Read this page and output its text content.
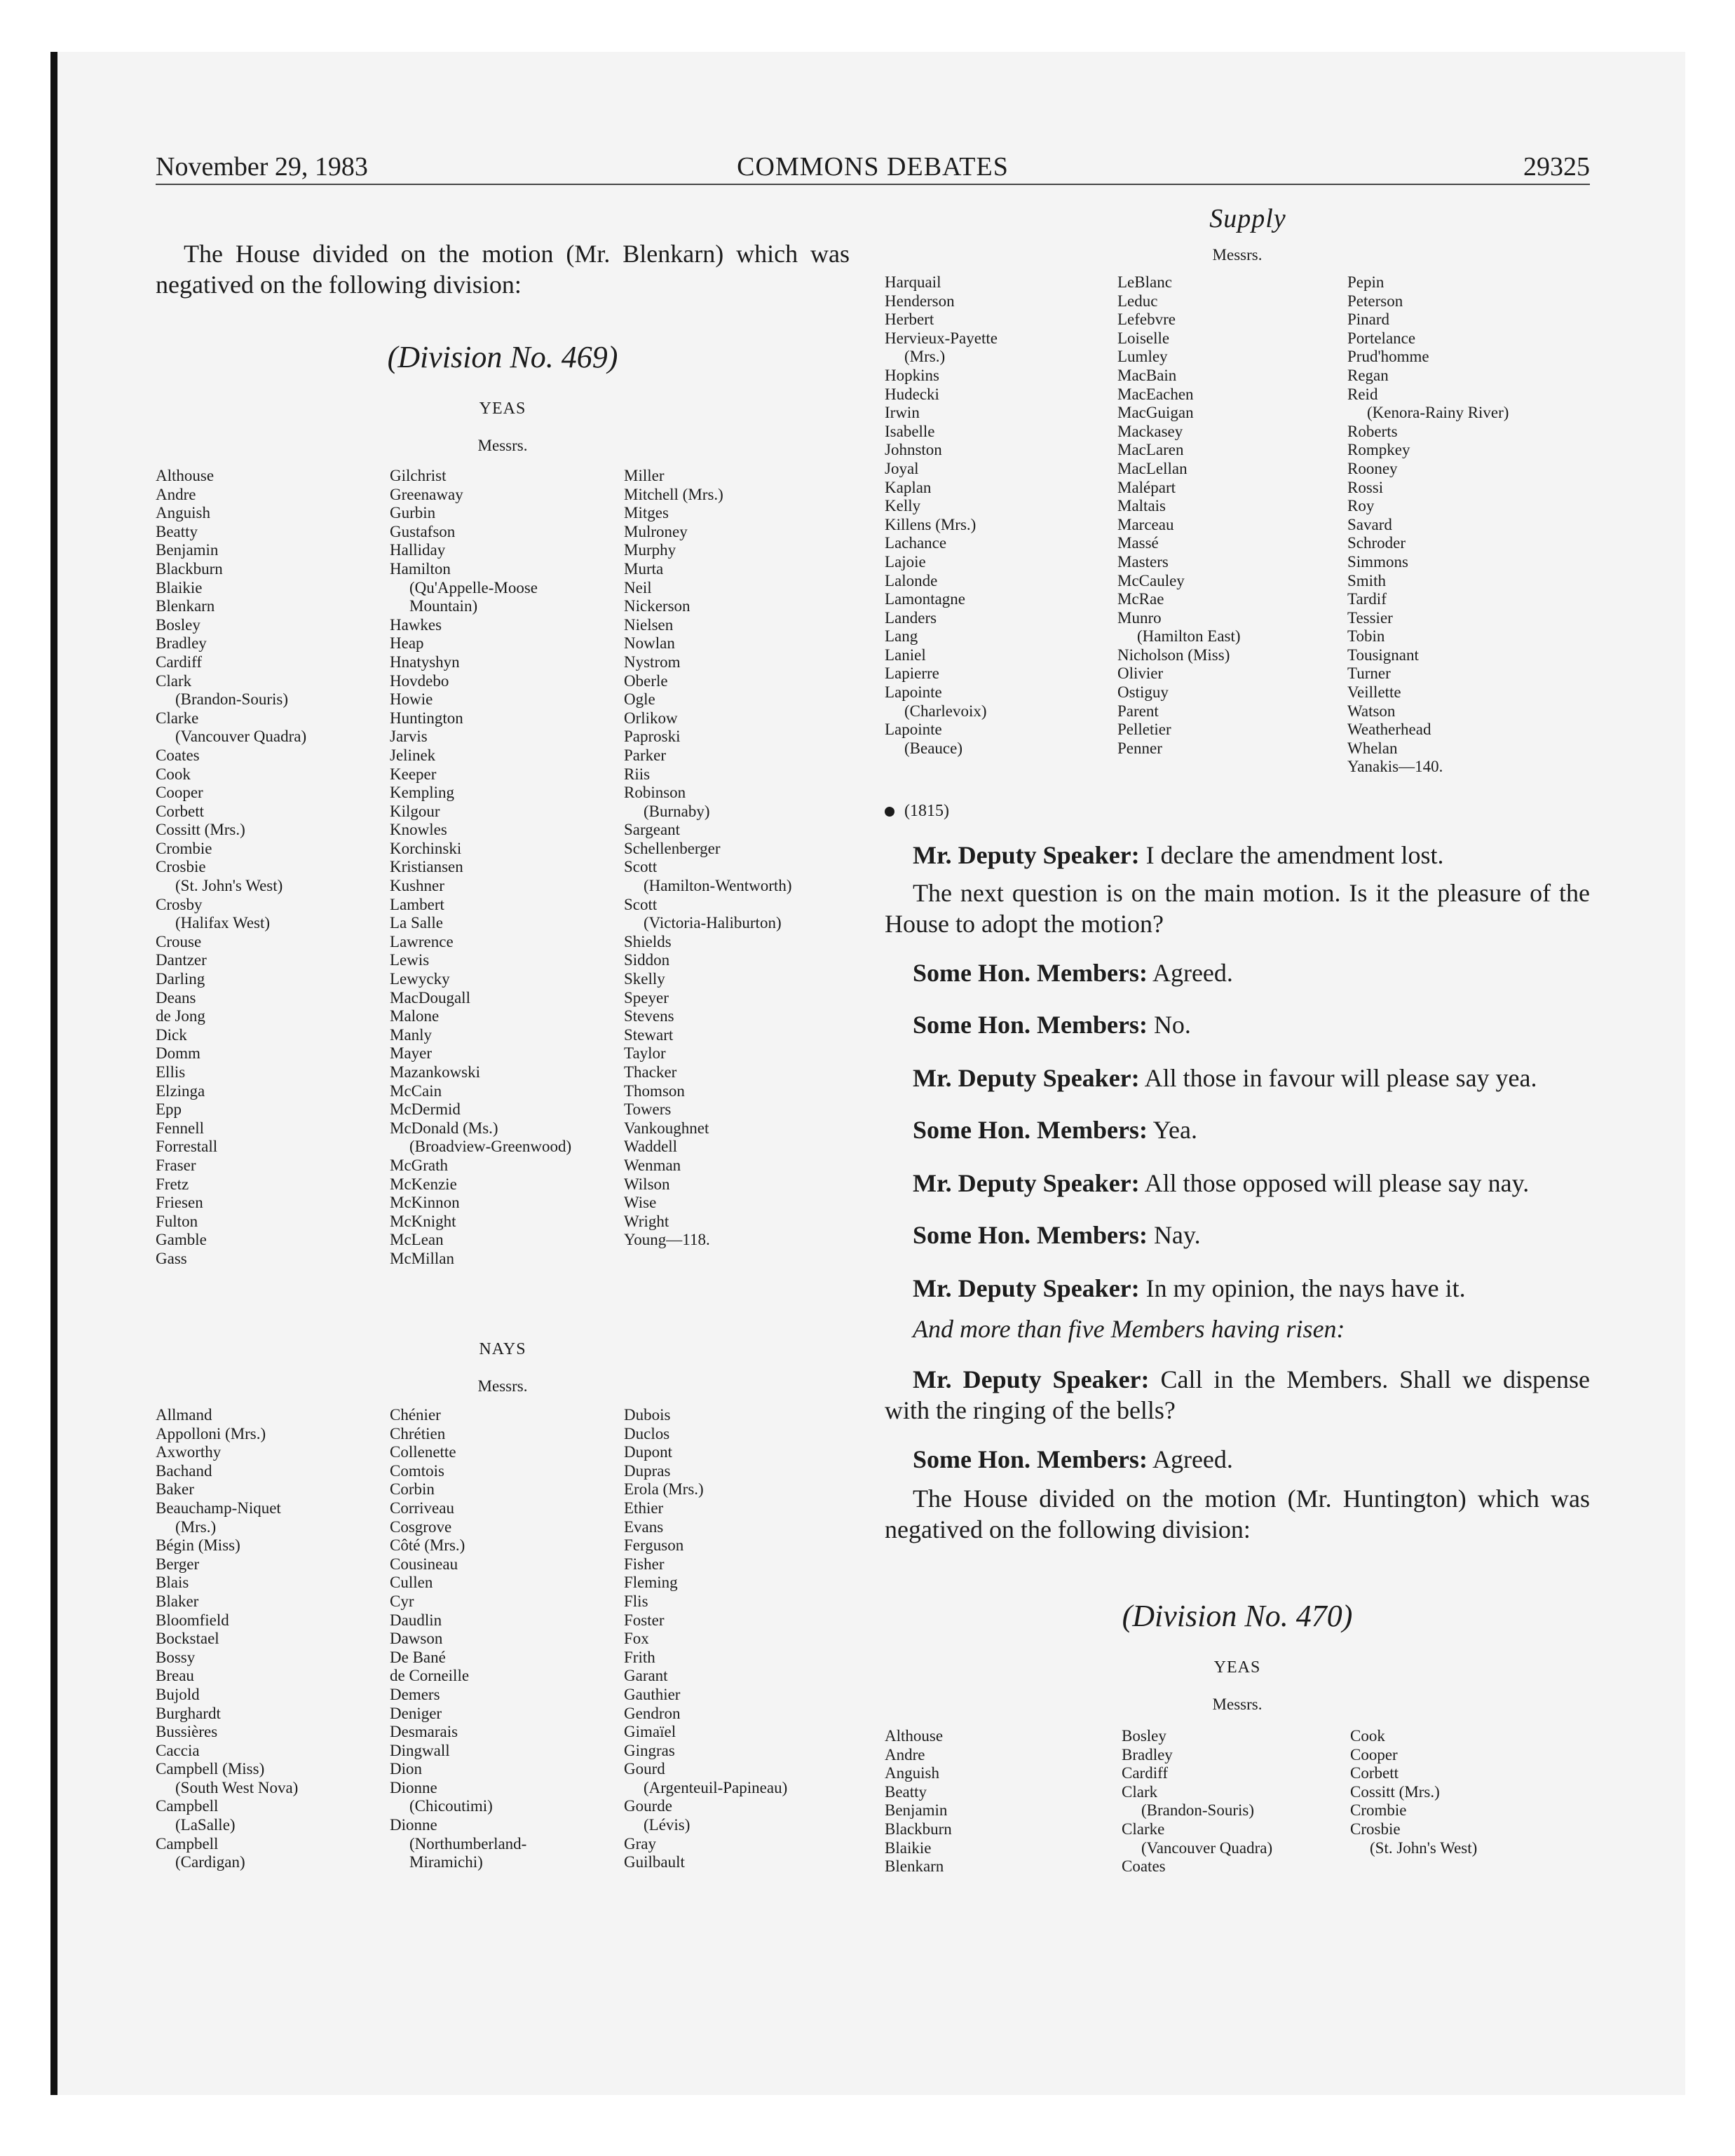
November 29, 1983	COMMONS DEBATES	29325
Supply

The House divided on the motion (Mr. Blenkarn) which was negatived on the following division:

(Division No. 469)
YEAS
Messrs.
Althouse
Andre
Anguish
Beatty
Benjamin
Blackburn
Blaikie
Blenkarn
Bosley
Bradley
Cardiff
Clark
(Brandon-Souris)
Clarke
(Vancouver Quadra)
Coates
Cook
Cooper
Corbett
Cossitt (Mrs.)
Crombie
Crosbie
(St. John's West)
Crosby
(Halifax West)
Crouse
Dantzer
Darling
Deans
de Jong
Dick
Domm
Ellis
Elzinga
Epp
Fennell
Forrestall
Fraser
Fretz
Friesen
Fulton
Gamble
Gass
Gilchrist
Greenaway
Gurbin
Gustafson
Halliday
Hamilton
(Qu'Appelle-Moose
Mountain)
Hawkes
Heap
Hnatyshyn
Hovdebo
Howie
Huntington
Jarvis
Jelinek
Keeper
Kempling
Kilgour
Knowles
Korchinski
Kristiansen
Kushner
Lambert
La Salle
Lawrence
Lewis
Lewycky
MacDougall
Malone
Manly
Mayer
Mazankowski
McCain
McDermid
McDonald (Ms.)
(Broadview-Greenwood)
McGrath
McKenzie
McKinnon
McKnight
McLean
McMillan
Miller
Mitchell (Mrs.)
Mitges
Mulroney
Murphy
Murta
Neil
Nickerson
Nielsen
Nowlan
Nystrom
Oberle
Ogle
Orlikow
Paproski
Parker
Riis
Robinson
(Burnaby)
Sargeant
Schellenberger
Scott
(Hamilton-Wentworth)
Scott
(Victoria-Haliburton)
Shields
Siddon
Skelly
Speyer
Stevens
Stewart
Taylor
Thacker
Thomson
Towers
Vankoughnet
Waddell
Wenman
Wilson
Wise
Wright
Young—118.
NAYS
Messrs.
Allmand
Appolloni (Mrs.)
Axworthy
Bachand
Baker
Beauchamp-Niquet
(Mrs.)
Bégin (Miss)
Berger
Blais
Blaker
Bloomfield
Bockstael
Bossy
Breau
Bujold
Burghardt
Bussières
Caccia
Campbell (Miss)
(South West Nova)
Campbell
(LaSalle)
Campbell
(Cardigan)
Chénier
Chrétien
Collenette
Comtois
Corbin
Corriveau
Cosgrove
Côté (Mrs.)
Cousineau
Cullen
Cyr
Daudlin
Dawson
De Bané
de Corneille
Demers
Deniger
Desmarais
Dingwall
Dion
Dionne
(Chicoutimi)
Dionne
(Northumberland-
Miramichi)
Dubois
Duclos
Dupont
Dupras
Erola (Mrs.)
Ethier
Evans
Ferguson
Fisher
Fleming
Flis
Foster
Fox
Frith
Garant
Gauthier
Gendron
Gimaïel
Gingras
Gourd
(Argenteuil-Papineau)
Gourde
(Lévis)
Gray
Guilbault
Messrs.
Harquail
Henderson
Herbert
Hervieux-Payette
(Mrs.)
Hopkins
Hudecki
Irwin
Isabelle
Johnston
Joyal
Kaplan
Kelly
Killens (Mrs.)
Lachance
Lajoie
Lalonde
Lamontagne
Landers
Lang
Laniel
Lapierre
Lapointe
(Charlevoix)
Lapointe
(Beauce)
LeBlanc
Leduc
Lefebvre
Loiselle
Lumley
MacBain
MacEachen
MacGuigan
Mackasey
MacLaren
MacLellan
Malépart
Maltais
Marceau
Massé
Masters
McCauley
McRae
Munro
(Hamilton East)
Nicholson (Miss)
Olivier
Ostiguy
Parent
Pelletier
Penner
Pepin
Peterson
Pinard
Portelance
Prud'homme
Regan
Reid
(Kenora-Rainy River)
Roberts
Rompkey
Rooney
Rossi
Roy
Savard
Schroder
Simmons
Smith
Tardif
Tessier
Tobin
Tousignant
Turner
Veillette
Watson
Weatherhead
Whelan
Yanakis—140.
(1815)

Mr. Deputy Speaker: I declare the amendment lost.

The next question is on the main motion. Is it the pleasure of the House to adopt the motion?

Some Hon. Members: Agreed.

Some Hon. Members: No.

Mr. Deputy Speaker: All those in favour will please say yea.

Some Hon. Members: Yea.

Mr. Deputy Speaker: All those opposed will please say nay.

Some Hon. Members: Nay.

Mr. Deputy Speaker: In my opinion, the nays have it.

And more than five Members having risen:

Mr. Deputy Speaker: Call in the Members. Shall we dispense with the ringing of the bells?

Some Hon. Members: Agreed.

The House divided on the motion (Mr. Huntington) which was negatived on the following division:

(Division No. 470)
YEAS
Messrs.
Althouse
Andre
Anguish
Beatty
Benjamin
Blackburn
Blaikie
Blenkarn
Bosley
Bradley
Cardiff
Clark
(Brandon-Souris)
Clarke
(Vancouver Quadra)
Coates
Cook
Cooper
Corbett
Cossitt (Mrs.)
Crombie
Crosbie
(St. John's West)
